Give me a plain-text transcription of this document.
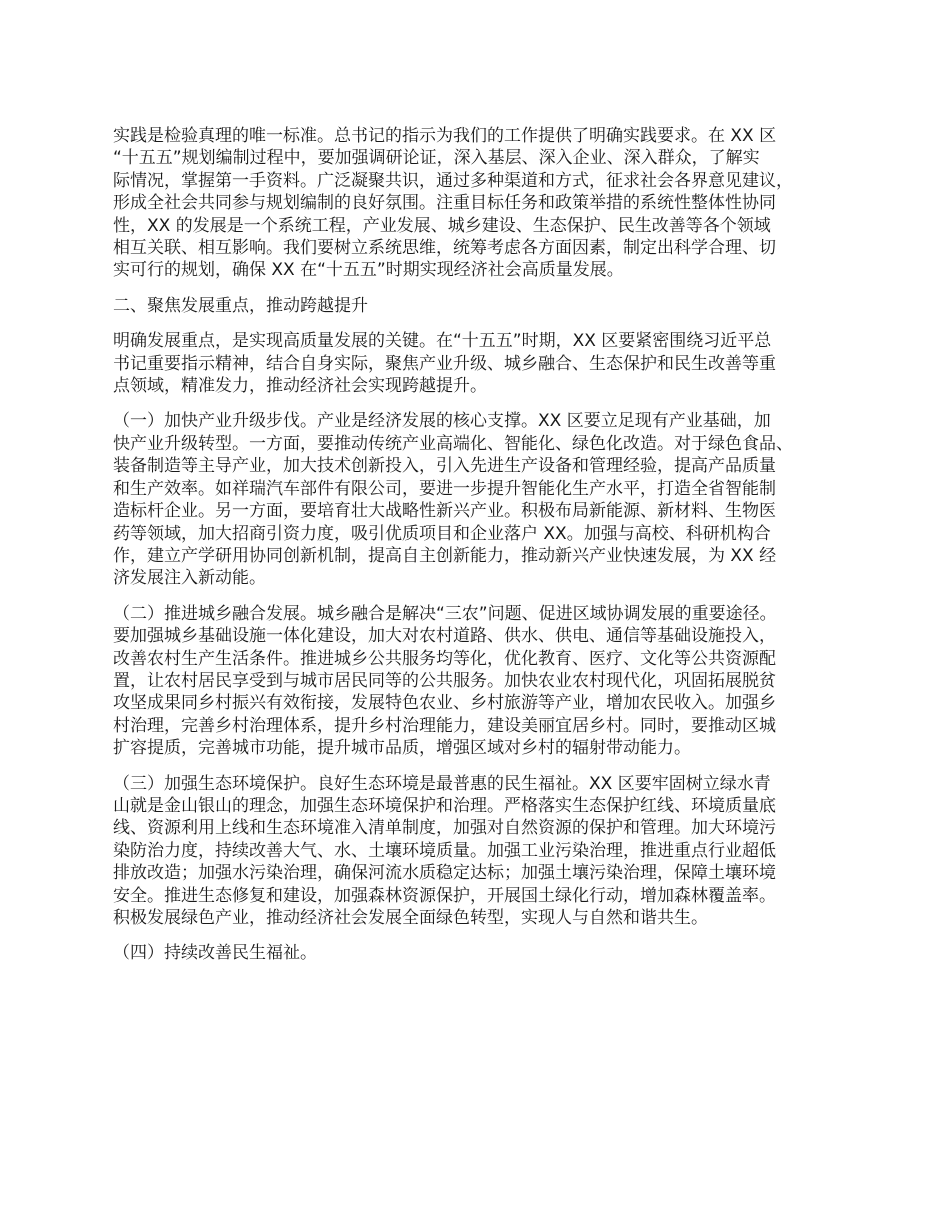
实践是检验真理的唯一标准。总书记的指示为我们的工作提供了明确实践要求。在 XX 区
“十五五”规划编制过程中，要加强调研论证，深入基层、深入企业、深入群众，了解实
际情况，掌握第一手资料。广泛凝聚共识，通过多种渠道和方式，征求社会各界意见建议，
形成全社会共同参与规划编制的良好氛围。注重目标任务和政策举措的系统性整体性协同
性，XX 的发展是一个系统工程，产业发展、城乡建设、生态保护、民生改善等各个领域
相互关联、相互影响。我们要树立系统思维，统筹考虑各方面因素，制定出科学合理、切
实可行的规划，确保 XX 在“十五五”时期实现经济社会高质量发展。
二、聚焦发展重点，推动跨越提升
明确发展重点，是实现高质量发展的关键。在“十五五”时期，XX 区要紧密围绕习近平总
书记重要指示精神，结合自身实际，聚焦产业升级、城乡融合、生态保护和民生改善等重
点领域，精准发力，推动经济社会实现跨越提升。
（一）加快产业升级步伐。产业是经济发展的核心支撑。XX 区要立足现有产业基础，加
快产业升级转型。一方面，要推动传统产业高端化、智能化、绿色化改造。对于绿色食品、
装备制造等主导产业，加大技术创新投入，引入先进生产设备和管理经验，提高产品质量
和生产效率。如祥瑞汽车部件有限公司，要进一步提升智能化生产水平，打造全省智能制
造标杆企业。另一方面，要培育壮大战略性新兴产业。积极布局新能源、新材料、生物医
药等领域，加大招商引资力度，吸引优质项目和企业落户 XX。加强与高校、科研机构合
作，建立产学研用协同创新机制，提高自主创新能力，推动新兴产业快速发展，为 XX 经
济发展注入新动能。
（二）推进城乡融合发展。城乡融合是解决“三农”问题、促进区域协调发展的重要途径。
要加强城乡基础设施一体化建设，加大对农村道路、供水、供电、通信等基础设施投入，
改善农村生产生活条件。推进城乡公共服务均等化，优化教育、医疗、文化等公共资源配
置，让农村居民享受到与城市居民同等的公共服务。加快农业农村现代化，巩固拓展脱贫
攻坚成果同乡村振兴有效衔接，发展特色农业、乡村旅游等产业，增加农民收入。加强乡
村治理，完善乡村治理体系，提升乡村治理能力，建设美丽宜居乡村。同时，要推动区城
扩容提质，完善城市功能，提升城市品质，增强区域对乡村的辐射带动能力。
（三）加强生态环境保护。良好生态环境是最普惠的民生福祉。XX 区要牢固树立绿水青
山就是金山银山的理念，加强生态环境保护和治理。严格落实生态保护红线、环境质量底
线、资源利用上线和生态环境准入清单制度，加强对自然资源的保护和管理。加大环境污
染防治力度，持续改善大气、水、土壤环境质量。加强工业污染治理，推进重点行业超低
排放改造；加强水污染治理，确保河流水质稳定达标；加强土壤污染治理，保障土壤环境
安全。推进生态修复和建设，加强森林资源保护，开展国土绿化行动，增加森林覆盖率。
积极发展绿色产业，推动经济社会发展全面绿色转型，实现人与自然和谐共生。
（四）持续改善民生福祉。
